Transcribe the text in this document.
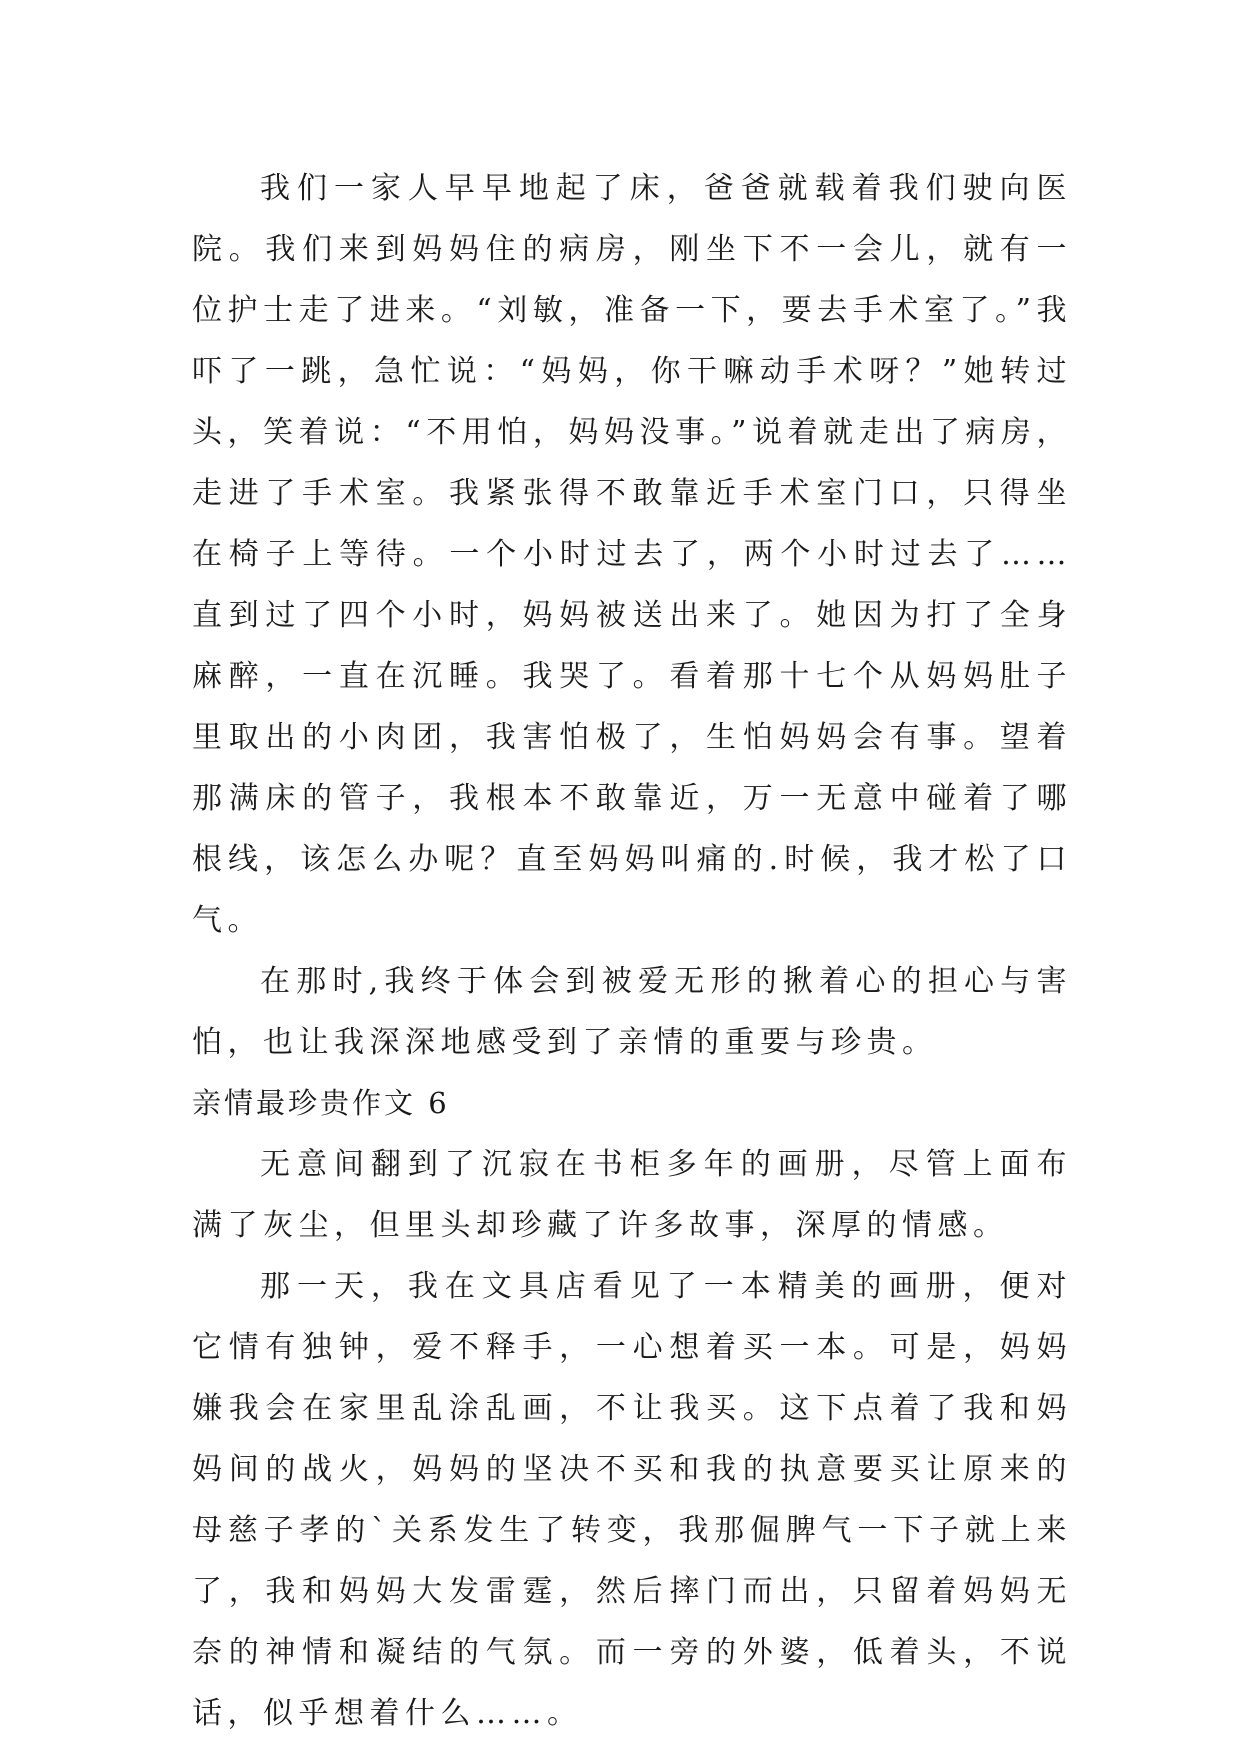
我们一家人早早地起了床，爸爸就载着我们驶向医院。我们来到妈妈住的病房，刚坐下不一会儿，就有一位护士走了进来。“刘敏，准备一下，要去手术室了。”我吓了一跳，急忙说：“妈妈，你干嘛动手术呀？”她转过头，笑着说：“不用怕，妈妈没事。”说着就走出了病房，走进了手术室。我紧张得不敢靠近手术室门口，只得坐在椅子上等待。一个小时过去了，两个小时过去了……直到过了四个小时，妈妈被送出来了。她因为打了全身麻醉，一直在沉睡。我哭了。看着那十七个从妈妈肚子里取出的小肉团，我害怕极了，生怕妈妈会有事。望着那满床的管子，我根本不敢靠近，万一无意中碰着了哪根线，该怎么办呢？直至妈妈叫痛的.时候，我才松了口气。

在那时,我终于体会到被爱无形的揪着心的担心与害怕，也让我深深地感受到了亲情的重要与珍贵。

亲情最珍贵作文 6

无意间翻到了沉寂在书柜多年的画册，尽管上面布满了灰尘，但里头却珍藏了许多故事，深厚的情感。

那一天，我在文具店看见了一本精美的画册，便对它情有独钟，爱不释手，一心想着买一本。可是，妈妈嫌我会在家里乱涂乱画，不让我买。这下点着了我和妈妈间的战火，妈妈的坚决不买和我的执意要买让原来的母慈子孝的`关系发生了转变，我那倔脾气一下子就上来了，我和妈妈大发雷霆，然后摔门而出，只留着妈妈无奈的神情和凝结的气氛。而一旁的外婆，低着头，不说话，似乎想着什么……。
